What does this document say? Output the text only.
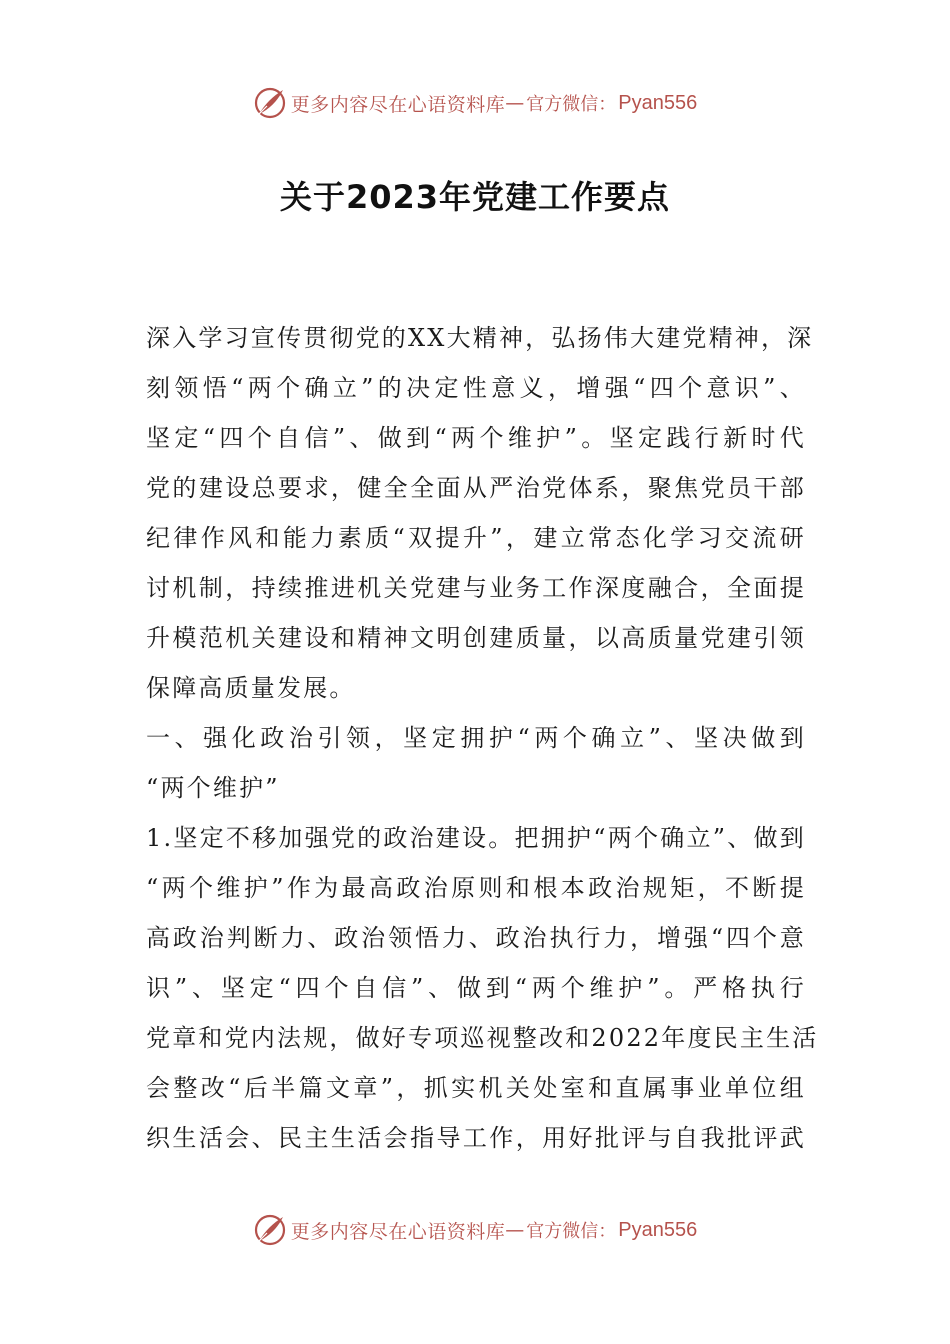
更多内容尽在心语资料库 — 官方微信： Pyan556
关于2023年党建工作要点
深入学习宣传贯彻党的XX大精神，弘扬伟大建党精神，深
刻领悟“两个确立”的决定性意义，增强“四个意识”、
坚定“四个自信”、做到“两个维护”。坚定践行新时代
党的建设总要求，健全全面从严治党体系，聚焦党员干部
纪律作风和能力素质“双提升”，建立常态化学习交流研
讨机制，持续推进机关党建与业务工作深度融合，全面提
升模范机关建设和精神文明创建质量，以高质量党建引领
保障高质量发展。
一、强化政治引领，坚定拥护“两个确立”、坚决做到
“两个维护”
1.坚定不移加强党的政治建设。把拥护“两个确立”、做到
“两个维护”作为最高政治原则和根本政治规矩，不断提
高政治判断力、政治领悟力、政治执行力，增强“四个意
识”、坚定“四个自信”、做到“两个维护”。严格执行
党章和党内法规，做好专项巡视整改和2022年度民主生活
会整改“后半篇文章”，抓实机关处室和直属事业单位组
织生活会、民主生活会指导工作，用好批评与自我批评武
更多内容尽在心语资料库 — 官方微信： Pyan556
